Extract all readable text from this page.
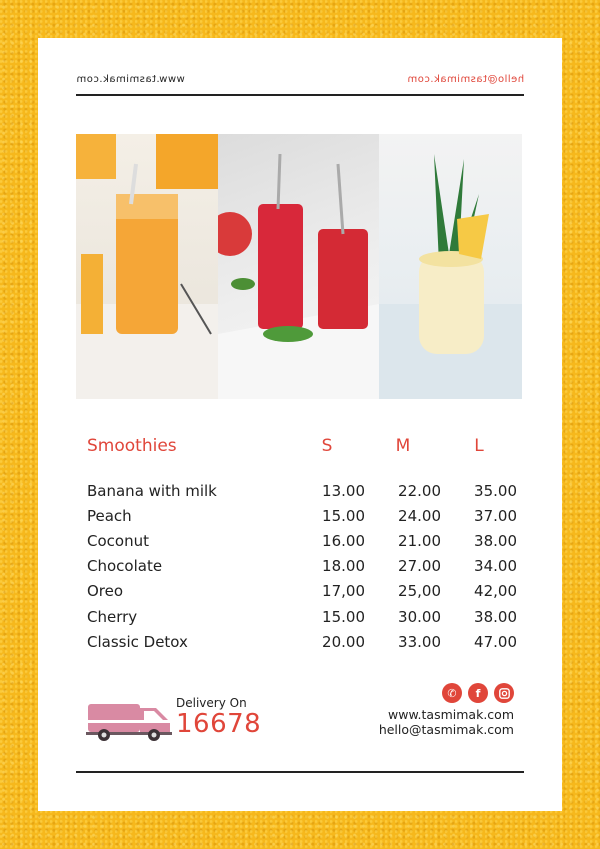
www.tasmimak.com	hello@tasmimak.com
Smoothies	S	M	L
Banana with milk	13.00	22.00	35.00
Peach	15.00	24.00	37.00
Coconut	16.00	21.00	38.00
Chocolate	18.00	27.00	34.00
Oreo	17,00	25,00	42,00
Cherry	15.00	30.00	38.00
Classic Detox	20.00	33.00	47.00
Delivery On
16678
✆	f
www.tasmimak.com
hello@tasmimak.com
